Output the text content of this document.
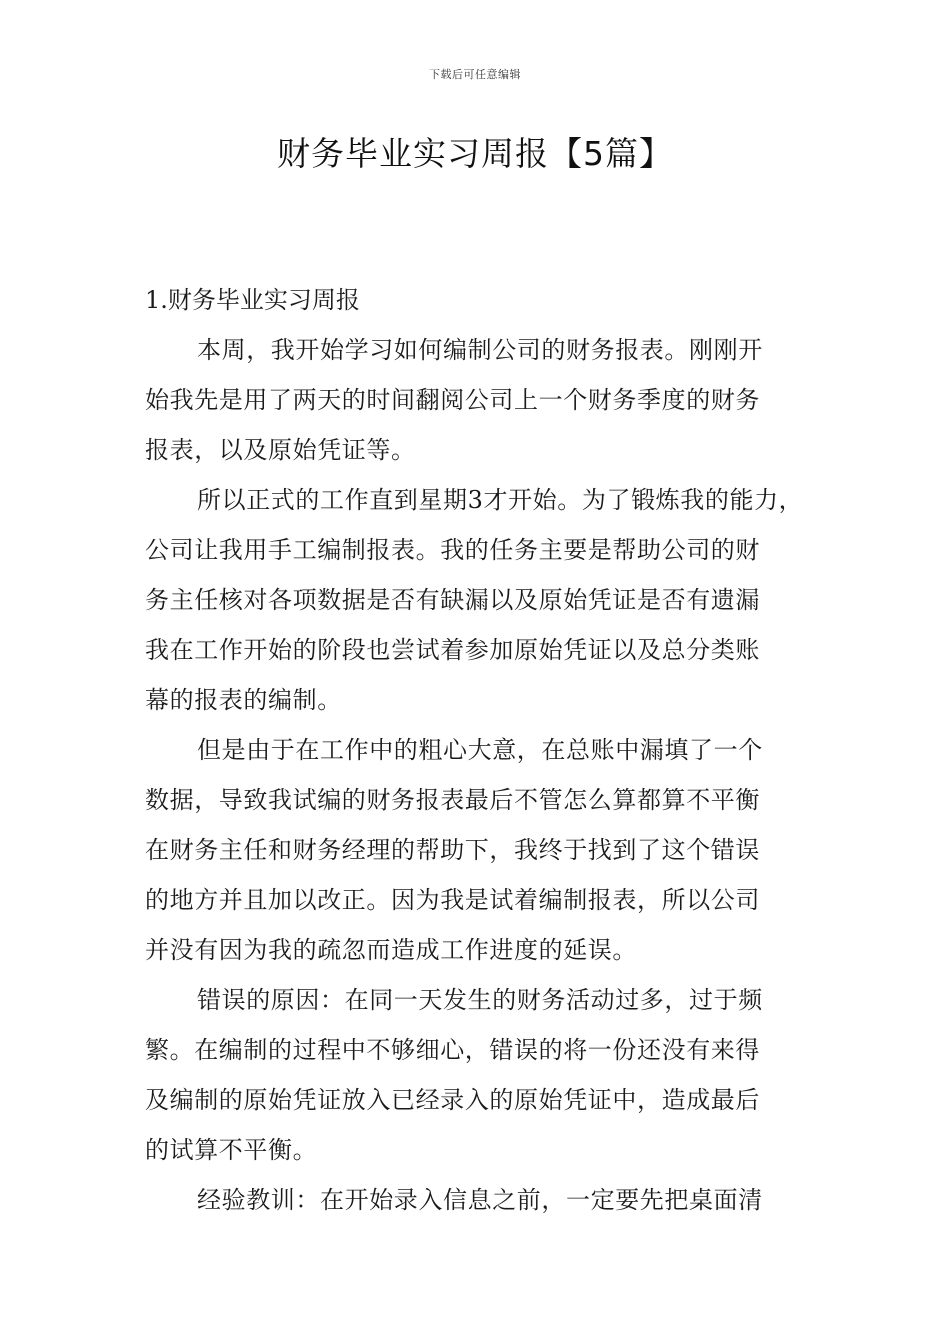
下载后可任意编辑
财务毕业实习周报【5篇】
1.财务毕业实习周报
本周，我开始学习如何编制公司的财务报表。刚刚开
始我先是用了两天的时间翻阅公司上一个财务季度的财务
报表，以及原始凭证等。
所以正式的工作直到星期3才开始。为了锻炼我的能力，
公司让我用手工编制报表。我的任务主要是帮助公司的财
务主任核对各项数据是否有缺漏以及原始凭证是否有遗漏
我在工作开始的阶段也尝试着参加原始凭证以及总分类账
幕的报表的编制。
但是由于在工作中的粗心大意，在总账中漏填了一个
数据，导致我试编的财务报表最后不管怎么算都算不平衡
在财务主任和财务经理的帮助下，我终于找到了这个错误
的地方并且加以改正。因为我是试着编制报表，所以公司
并没有因为我的疏忽而造成工作进度的延误。
错误的原因：在同一天发生的财务活动过多，过于频
繁。在编制的过程中不够细心，错误的将一份还没有来得
及编制的原始凭证放入已经录入的原始凭证中，造成最后
的试算不平衡。
经验教训：在开始录入信息之前，一定要先把桌面清
